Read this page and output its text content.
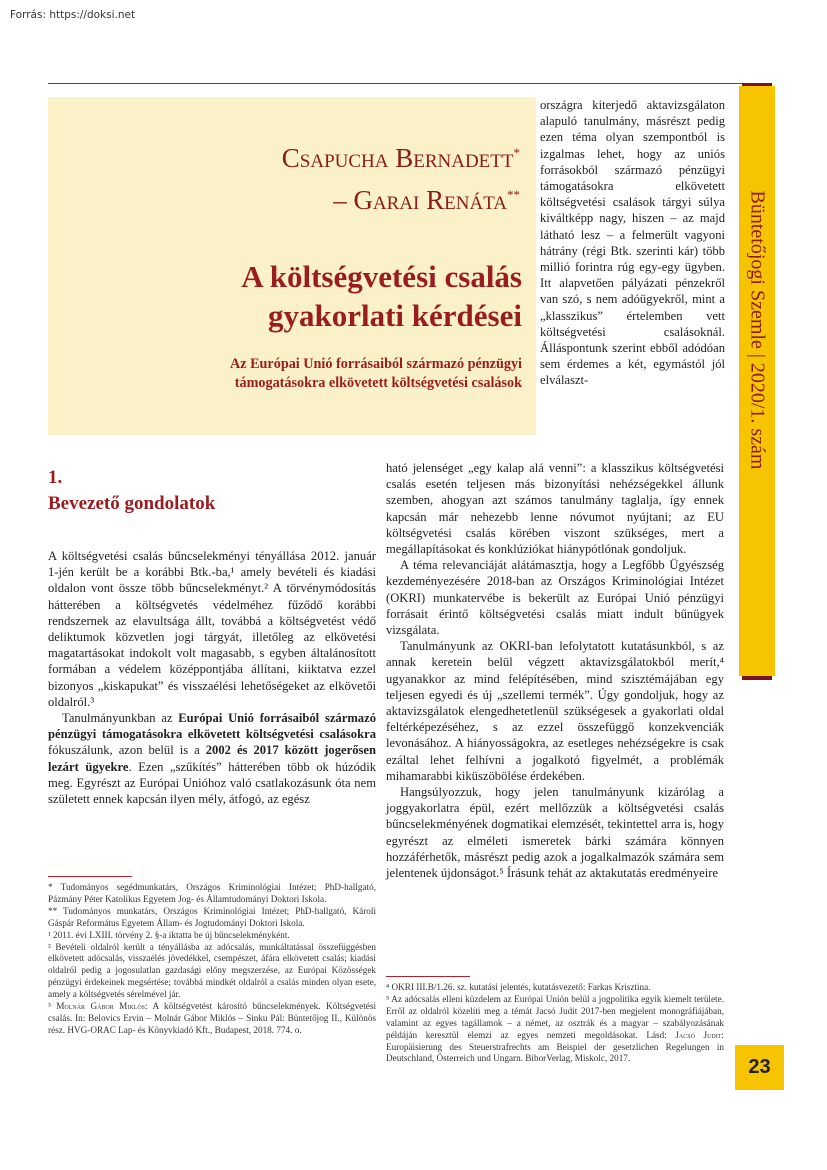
Forrás: https://doksi.net
Büntetőjogi Szemle | 2020/1. szám
23
Csapucha Bernadett*
– Garai Renáta**
A költségvetési csalás
gyakorlati kérdései
Az Európai Unió forrásaiból származó pénzügyi
támogatásokra elkövetett költségvetési csalások
1.
Bevezető gondolatok

A költségvetési csalás bűncselekményi tényállása 2012. január 1-jén került be a korábbi Btk.-ba,¹ amely bevételi és kiadási oldalon vont össze több bűncselekményt.² A törvénymódosítás hátterében a költségvetés védelméhez fűződő korábbi rendszernek az elavultsága állt, továbbá a költségvetést védő deliktumok közvetlen jogi tárgyát, illetőleg az elkövetési magatartásokat indokolt volt magasabb, s egyben általánosított formában a védelem középpontjába állítani, kiiktatva ezzel bizonyos „kiskapukat” és visszaélési lehetőségeket az elkövetői oldalról.³

Tanulmányunkban az Európai Unió forrásaiból származó pénzügyi támogatásokra elkövetett költségvetési csalásokra fókuszálunk, azon belül is a 2002 és 2017 között jogerősen lezárt ügyekre. Ezen „szűkítés” hátterében több ok húzódik meg. Egyrészt az Európai Unióhoz való csatlakozásunk óta nem született ennek kapcsán ilyen mély, átfogó, az egész

országra kiterjedő aktavizsgálaton alapuló tanulmány, másrészt pedig ezen téma olyan szempontból is izgalmas lehet, hogy az uniós forrásokból származó pénzügyi támogatásokra elkövetett költségvetési csalások tárgyi súlya kiváltképp nagy, hiszen – az majd látható lesz – a felmerült vagyoni hátrány (régi Btk. szerinti kár) több millió forintra rúg egy-egy ügyben. Itt alapvetően pályázati pénzekről van szó, s nem adóügyekről, mint a „klasszikus” értelemben vett költségvetési csalásoknál. Álláspontunk szerint ebből adódóan sem érdemes a két, egymástól jól elválaszt-

ható jelenséget „egy kalap alá venni”: a klasszikus költségvetési csalás esetén teljesen más bizonyítási nehézségekkel állunk szemben, ahogyan azt számos tanulmány taglalja, így ennek kapcsán már nehezebb lenne nóvumot nyújtani; az EU költségvetési csalás körében viszont szükséges, mert a megállapításokat és konklúziókat hiánypótlónak gondoljuk.

A téma relevanciáját alátámasztja, hogy a Legfőbb Ügyészség kezdeményezésére 2018-ban az Országos Kriminológiai Intézet (OKRI) munkatervébe is bekerült az Európai Unió pénzügyi forrásait érintő költségvetési csalás miatt indult bűnügyek vizsgálata.

Tanulmányunk az OKRI-ban lefolytatott kutatásunkból, s az annak keretein belül végzett aktavizsgálatokból merít,⁴ ugyanakkor az mind felépítésében, mind szisztémájában egy teljesen egyedi és új „szellemi termék”. Úgy gondoljuk, hogy az aktavizsgálatok elengedhetetlenül szükségesek a gyakorlati oldal feltérképezéséhez, s az ezzel összefüggő konzekvenciák levonásához. A hiányosságokra, az esetleges nehézségekre is csak ezáltal lehet felhívni a jogalkotó figyelmét, a problémák mihamarabbi kiküszöbölése érdekében.

Hangsúlyozzuk, hogy jelen tanulmányunk kizárólag a joggyakorlatra épül, ezért mellőzzük a költségvetési csalás bűncselekményének dogmatikai elemzését, tekintettel arra is, hogy egyrészt az elméleti ismeretek bárki számára könnyen hozzáférhetők, másrészt pedig azok a jogalkalmazók számára sem jelentenek újdonságot.⁵ Írásunk tehát az aktakutatás eredményeire

* Tudományos segédmunkatárs, Országos Kriminológiai Intézet; PhD-hallgató, Pázmány Péter Katolikus Egyetem Jog- és Államtudományi Doktori Iskola.

** Tudományos munkatárs, Országos Kriminológiai Intézet; PhD-hallgató, Károli Gáspár Református Egyetem Állam- és Jogtudományi Doktori Iskola.

¹ 2011. évi LXIII. törvény 2. §-a iktatta be új bűncselekményként.

² Bevételi oldalról került a tényállásba az adócsalás, munkáltatással összefüggésben elkövetett adócsalás, visszaélés jövedékkel, csempészet, áfára elkövetett csalás; kiadási oldalról pedig a jogosulatlan gazdasági előny megszerzése, az Európai Közösségek pénzügyi érdekeinek megsértése; továbbá mindkét oldalról a csalás minden olyan esete, amely a költségvetés sérelmével jár.

³ Molnár Gábor Miklós: A költségvetést károsító bűncselekmények. Költségvetési csalás. In: Belovics Ervin – Molnár Gábor Miklós – Sinku Pál: Büntetőjog II., Különös rész. HVG-ORAC Lap- és Könyvkiadó Kft., Budapest, 2018. 774. o.

⁴ OKRI III.B/1.26. sz. kutatási jelentés, kutatásvezető: Farkas Krisztina.

⁵ Az adócsalás elleni küzdelem az Európai Unión belül a jogpolitika egyik kiemelt területe. Erről az oldalról közelíti meg a témát Jacsó Judit 2017-ben megjelent monográfiájában, valamint az egyes tagállamok – a német, az osztrák és a magyar – szabályozásának példáján keresztül elemzi az egyes nemzeti megoldásokat. Lásd: Jacsó Judit: Europäisierung des Steuerstrafrechts am Beispiel der gesetzlichen Regelungen in Deutschland, Österreich und Ungarn. BiborVerlag, Miskolc, 2017.
